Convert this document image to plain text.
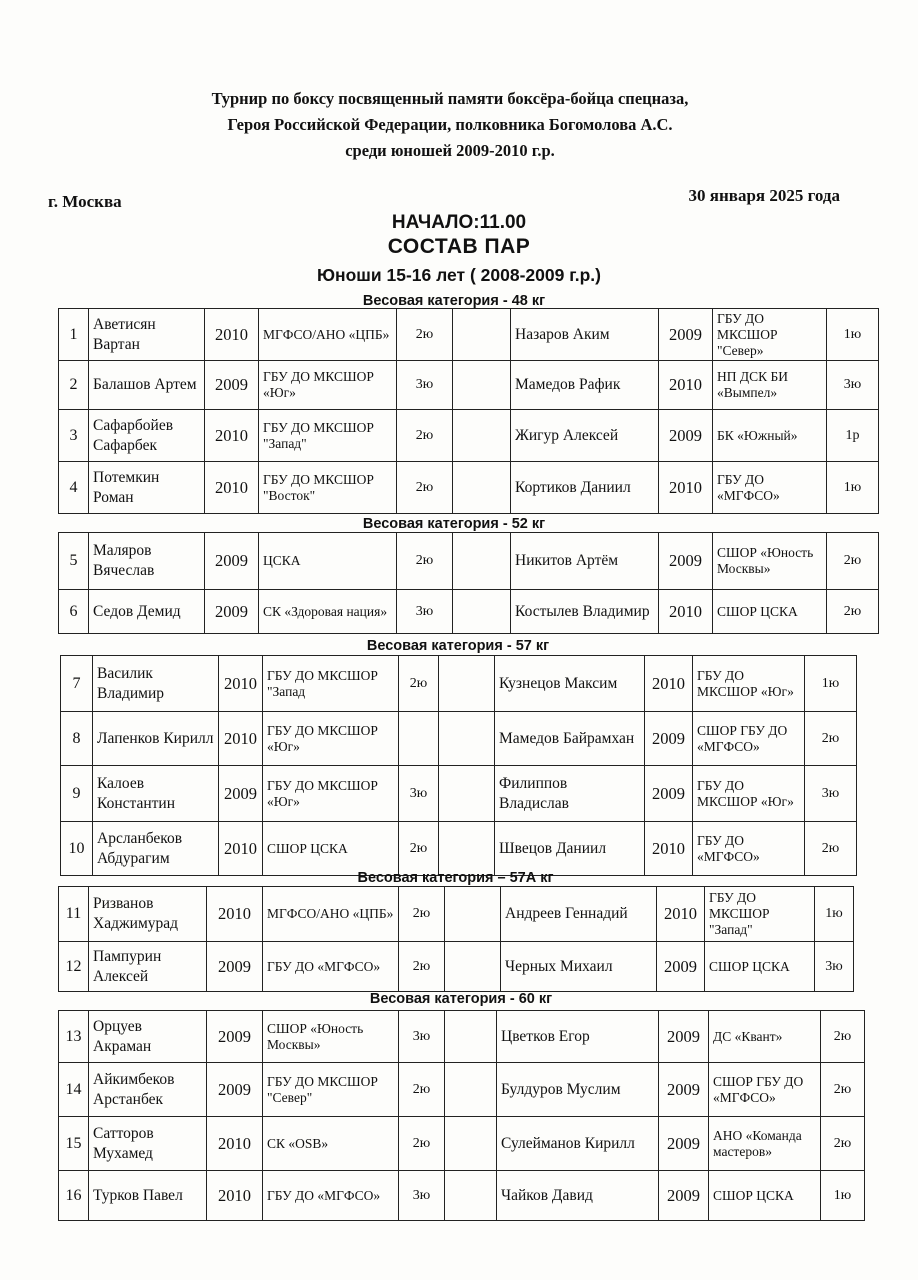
Турнир по боксу посвященный памяти боксёра-бойца спецназа,
Героя Российской Федерации, полковника Богомолова А.С.
среди юношей 2009-2010 г.р.
г. Москва	30 января 2025 года
НАЧАЛО:11.00
СОСТАВ ПАР
Юноши 15-16 лет ( 2008-2009 г.р.)
Весовая категория - 48 кг
1	Аветисян Вартан	2010	МГФСО/АНО «ЦПБ»	2ю		Назаров Аким	2009	ГБУ ДО МКСШОР "Север»	1ю
2	Балашов Артем	2009	ГБУ ДО МКСШОР «Юг»	3ю		Мамедов Рафик	2010	НП ДСК БИ «Вымпел»	3ю
3	Сафарбойев Сафарбек	2010	ГБУ ДО МКСШОР "Запад"	2ю		Жигур Алексей	2009	БК «Южный»	1р
4	Потемкин Роман	2010	ГБУ ДО МКСШОР "Восток"	2ю		Кортиков Даниил	2010	ГБУ ДО «МГФСО»	1ю
Весовая категория - 52 кг
5	Маляров Вячеслав	2009	ЦСКА	2ю		Никитов Артём	2009	СШОР «Юность Москвы»	2ю
6	Седов Демид	2009	СК «Здоровая нация»	3ю		Костылев Владимир	2010	СШОР ЦСКА	2ю
Весовая категория - 57 кг
7	Василик Владимир	2010	ГБУ ДО МКСШОР "Запад	2ю		Кузнецов Максим	2010	ГБУ ДО МКСШОР «Юг»	1ю
8	Лапенков Кирилл	2010	ГБУ ДО МКСШОР «Юг»			Мамедов Байрамхан	2009	СШОР ГБУ ДО «МГФСО»	2ю
9	Калоев Константин	2009	ГБУ ДО МКСШОР «Юг»	3ю		Филиппов Владислав	2009	ГБУ ДО МКСШОР «Юг»	3ю
10	Арсланбеков Абдурагим	2010	СШОР ЦСКА	2ю		Швецов Даниил	2010	ГБУ ДО «МГФСО»	2ю
Весовая категория – 57А кг
11	Ризванов Хаджимурад	2010	МГФСО/АНО «ЦПБ»	2ю		Андреев Геннадий	2010	ГБУ ДО МКСШОР "Запад"	1ю
12	Пампурин Алексей	2009	ГБУ ДО «МГФСО»	2ю		Черных Михаил	2009	СШОР ЦСКА	3ю
Весовая категория - 60 кг
13	Орцуев Акраман	2009	СШОР «Юность Москвы»	3ю		Цветков Егор	2009	ДС «Квант»	2ю
14	Айкимбеков Арстанбек	2009	ГБУ ДО МКСШОР "Север"	2ю		Булдуров Муслим	2009	СШОР ГБУ ДО «МГФСО»	2ю
15	Сатторов Мухамед	2010	СК «OSB»	2ю		Сулейманов Кирилл	2009	АНО «Команда мастеров»	2ю
16	Турков Павел	2010	ГБУ ДО «МГФСО»	3ю		Чайков Давид	2009	СШОР ЦСКА	1ю
